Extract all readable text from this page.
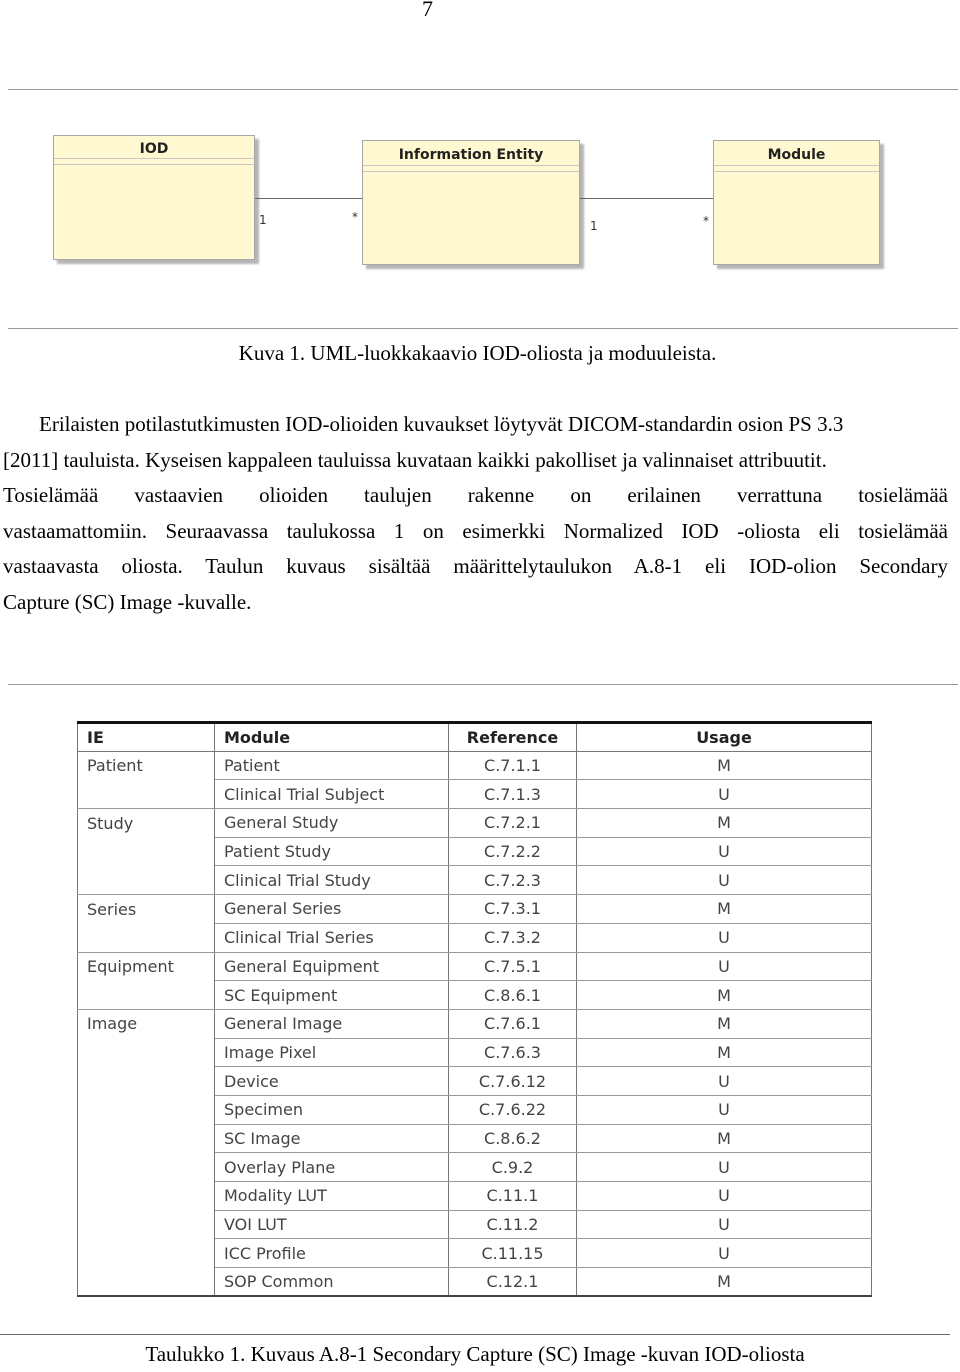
7
IOD	Information Entity	Module
1	*
1	*
Kuva 1. UML-luokkakaavio IOD-oliosta ja moduuleista.
Erilaisten potilastutkimusten IOD-olioiden kuvaukset löytyvät DICOM-standardin osion PS 3.3
[2011] tauluista. Kyseisen kappaleen tauluissa kuvataan kaikki pakolliset ja valinnaiset attribuutit.
Tosielämää vastaavien olioiden taulujen rakenne on erilainen verrattuna tosielämää
vastaamattomiin. Seuraavassa taulukossa 1 on esimerkki Normalized IOD -oliosta eli tosielämää
vastaavasta oliosta. Taulun kuvaus sisältää määrittelytaulukon A.8-1 eli IOD-olion Secondary
Capture (SC) Image -kuvalle.
IE	Module	Reference	Usage
Patient	Patient	C.7.1.1	M
	Clinical Trial Subject	C.7.1.3	U
Study	General Study	C.7.2.1	M
	Patient Study	C.7.2.2	U
	Clinical Trial Study	C.7.2.3	U
Series	General Series	C.7.3.1	M
	Clinical Trial Series	C.7.3.2	U
Equipment	General Equipment	C.7.5.1	U
	SC Equipment	C.8.6.1	M
Image	General Image	C.7.6.1	M
	Image Pixel	C.7.6.3	M
	Device	C.7.6.12	U
	Specimen	C.7.6.22	U
	SC Image	C.8.6.2	M
	Overlay Plane	C.9.2	U
	Modality LUT	C.11.1	U
	VOI LUT	C.11.2	U
	ICC Profile	C.11.15	U
	SOP Common	C.12.1	M
Taulukko 1. Kuvaus A.8-1 Secondary Capture (SC) Image -kuvan IOD-oliosta
